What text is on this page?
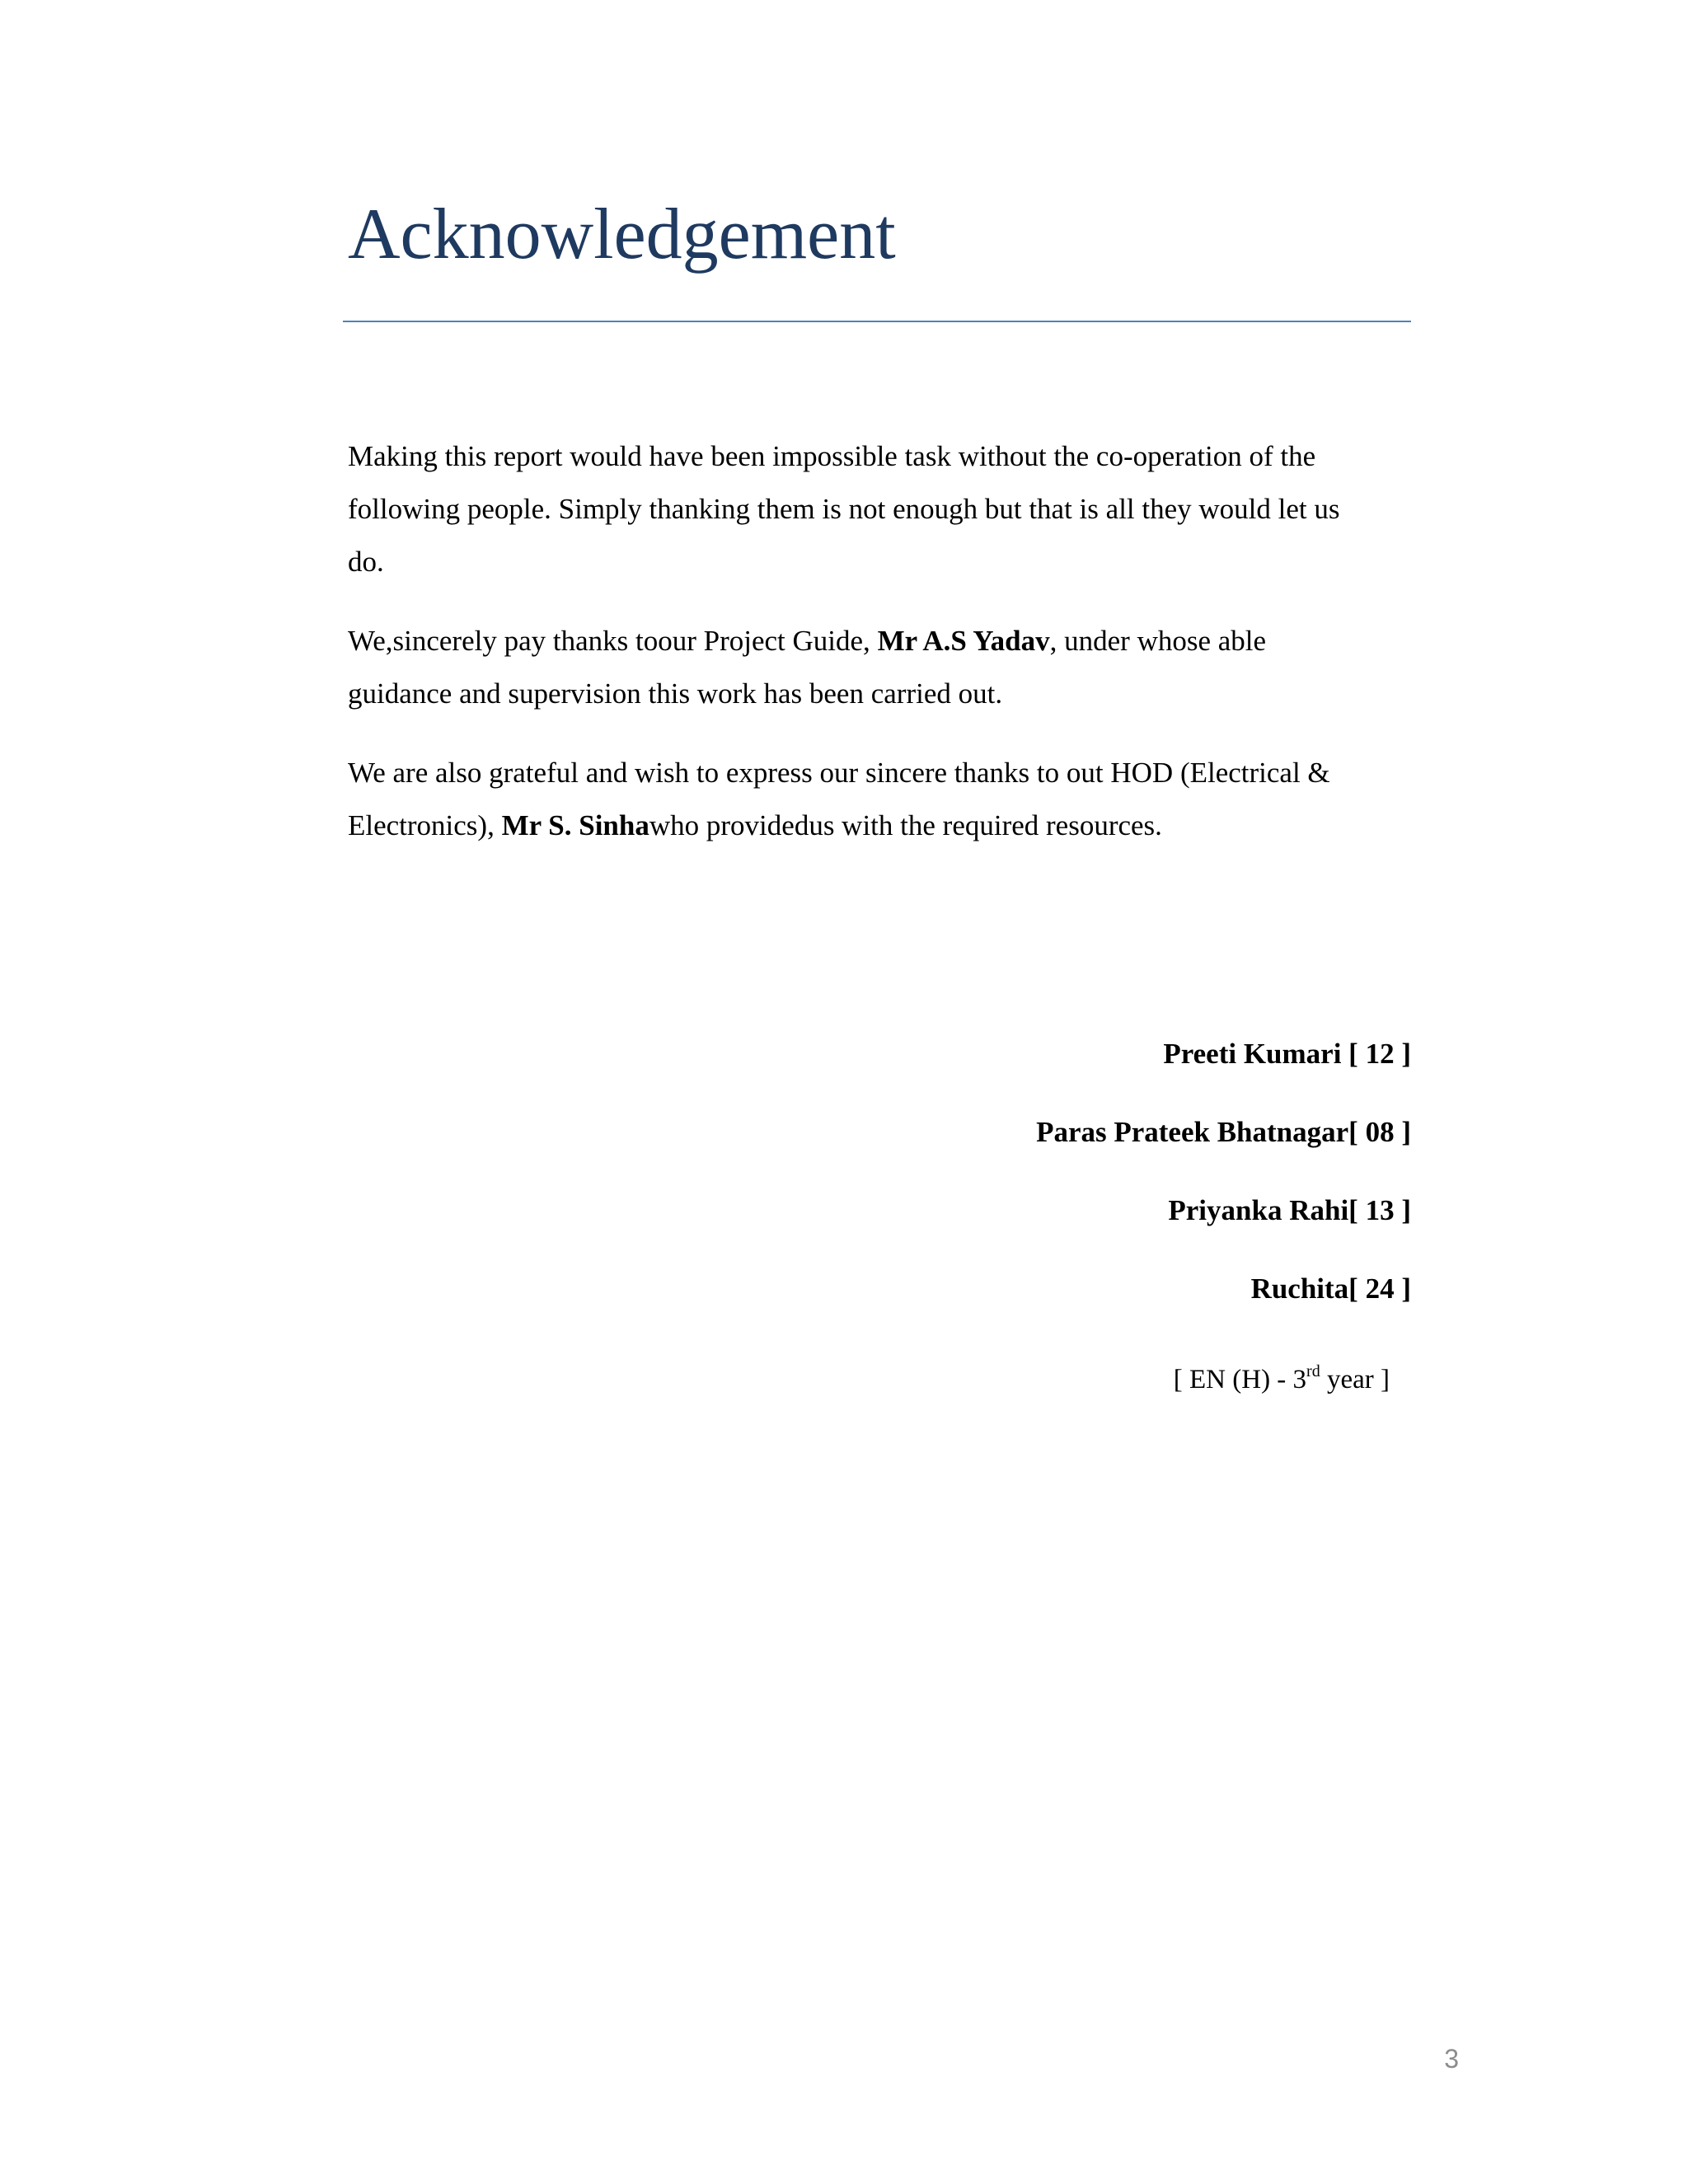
Acknowledgement

Making this report would have been impossible task without the co-operation of the
following people. Simply thanking them is not enough but that is all they would let us
do.

We,sincerely pay thanks toour Project Guide, Mr A.S Yadav, under whose able
guidance and supervision this work has been carried out.

We are also grateful and wish to express our sincere thanks to out HOD (Electrical &
Electronics), Mr S. Sinhawho providedus with the required resources.

Preeti Kumari [ 12 ]

Paras Prateek Bhatnagar[ 08 ]

Priyanka Rahi[ 13 ]

Ruchita[ 24 ]

[ EN (H) - 3rd year ]
3
